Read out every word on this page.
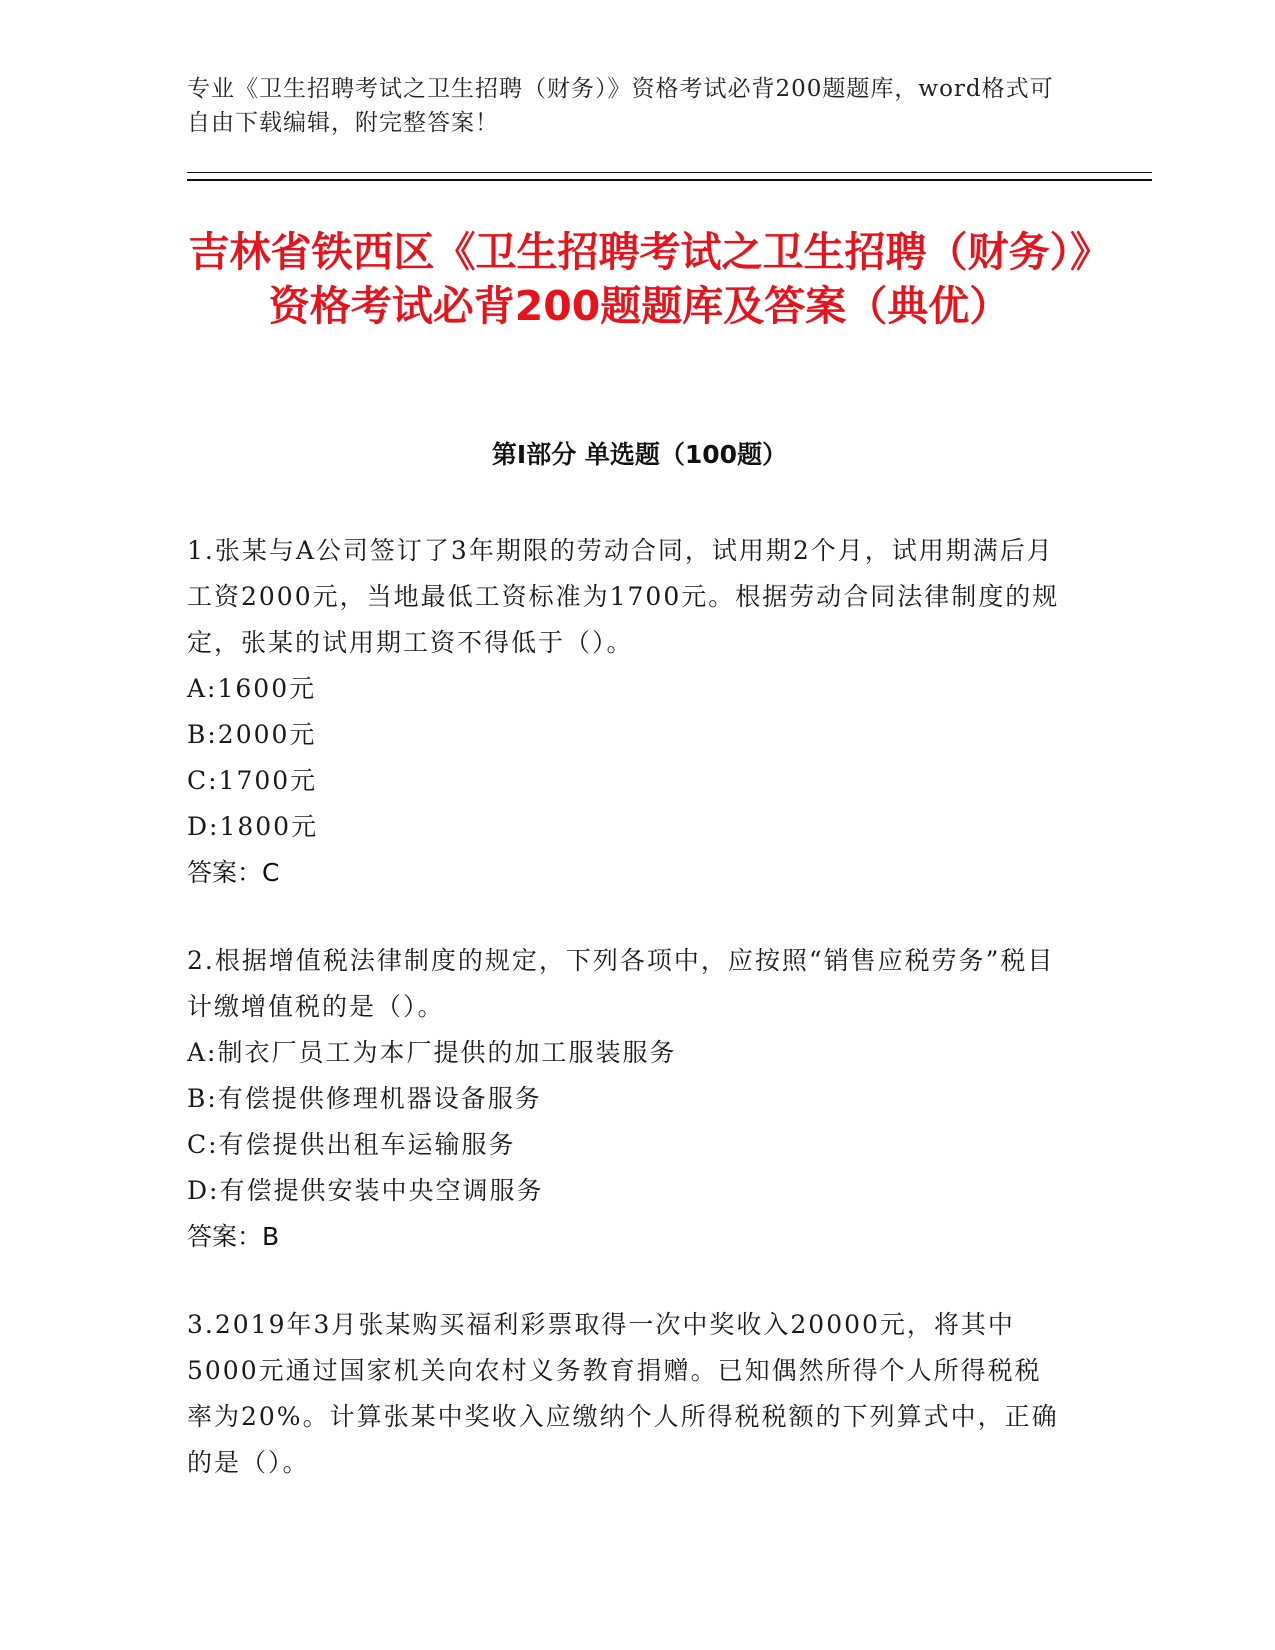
专业《卫生招聘考试之卫生招聘（财务）》资格考试必背200题题库，word格式可自由下载编辑，附完整答案！
吉林省铁西区《卫生招聘考试之卫生招聘（财务）》资格考试必背200题题库及答案（典优）
第I部分 单选题（100题）

1.张某与A公司签订了3年期限的劳动合同，试用期2个月，试用期满后月工资2000元，当地最低工资标准为1700元。根据劳动合同法律制度的规定，张某的试用期工资不得低于（）。

A:1600元

B:2000元

C:1700元

D:1800元

答案：C

2.根据增值税法律制度的规定，下列各项中，应按照“销售应税劳务”税目计缴增值税的是（）。

A:制衣厂员工为本厂提供的加工服装服务

B:有偿提供修理机器设备服务

C:有偿提供出租车运输服务

D:有偿提供安装中央空调服务

答案：B

3.2019年3月张某购买福利彩票取得一次中奖收入20000元，将其中5000元通过国家机关向农村义务教育捐赠。已知偶然所得个人所得税税率为20%。计算张某中奖收入应缴纳个人所得税税额的下列算式中，正确的是（）。
